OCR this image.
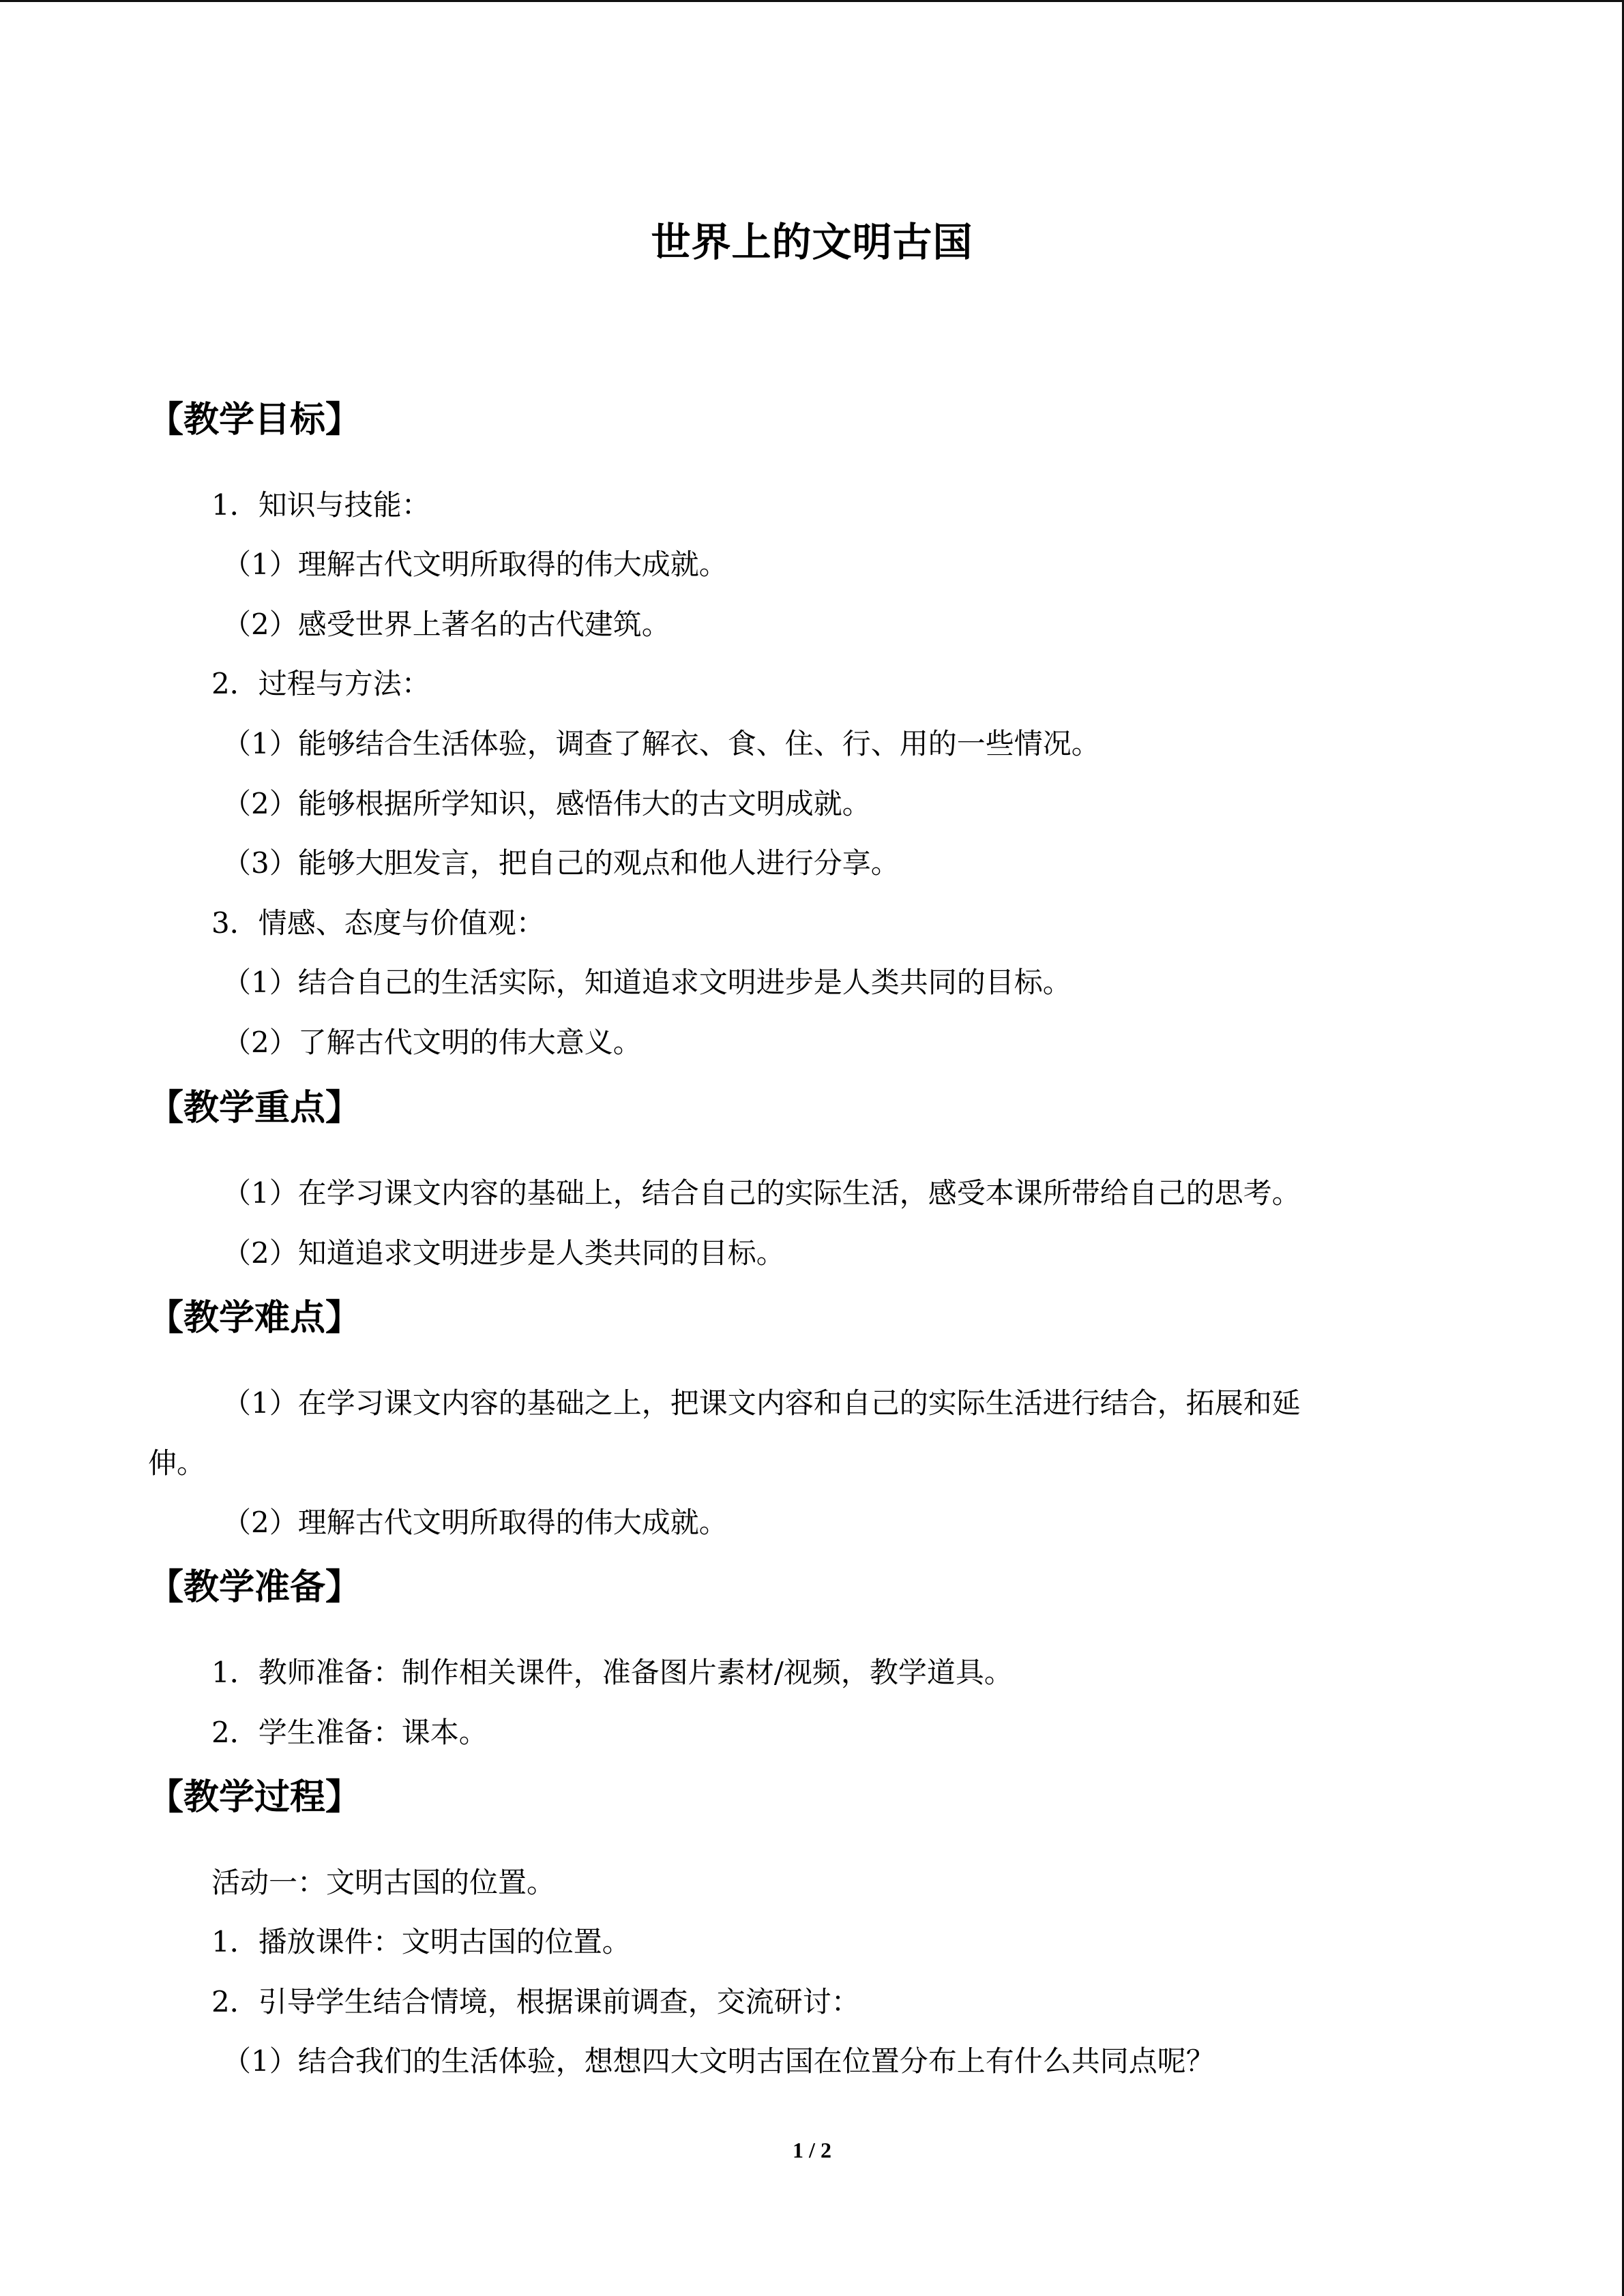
世界上的文明古国
【教学目标】
1．知识与技能：
（1）理解古代文明所取得的伟大成就。
（2）感受世界上著名的古代建筑。
2．过程与方法：
（1）能够结合生活体验，调查了解衣、食、住、行、用的一些情况。
（2）能够根据所学知识，感悟伟大的古文明成就。
（3）能够大胆发言，把自己的观点和他人进行分享。
3．情感、态度与价值观：
（1）结合自己的生活实际，知道追求文明进步是人类共同的目标。
（2）了解古代文明的伟大意义。
【教学重点】
（1）在学习课文内容的基础上，结合自己的实际生活，感受本课所带给自己的思考。
（2）知道追求文明进步是人类共同的目标。
【教学难点】
（1）在学习课文内容的基础之上，把课文内容和自己的实际生活进行结合，拓展和延
伸。
（2）理解古代文明所取得的伟大成就。
【教学准备】
1．教师准备：制作相关课件，准备图片素材/视频，教学道具。
2．学生准备：课本。
【教学过程】
活动一：文明古国的位置。
1．播放课件：文明古国的位置。
2．引导学生结合情境，根据课前调查，交流研讨：
（1）结合我们的生活体验，想想四大文明古国在位置分布上有什么共同点呢？
1 / 2
